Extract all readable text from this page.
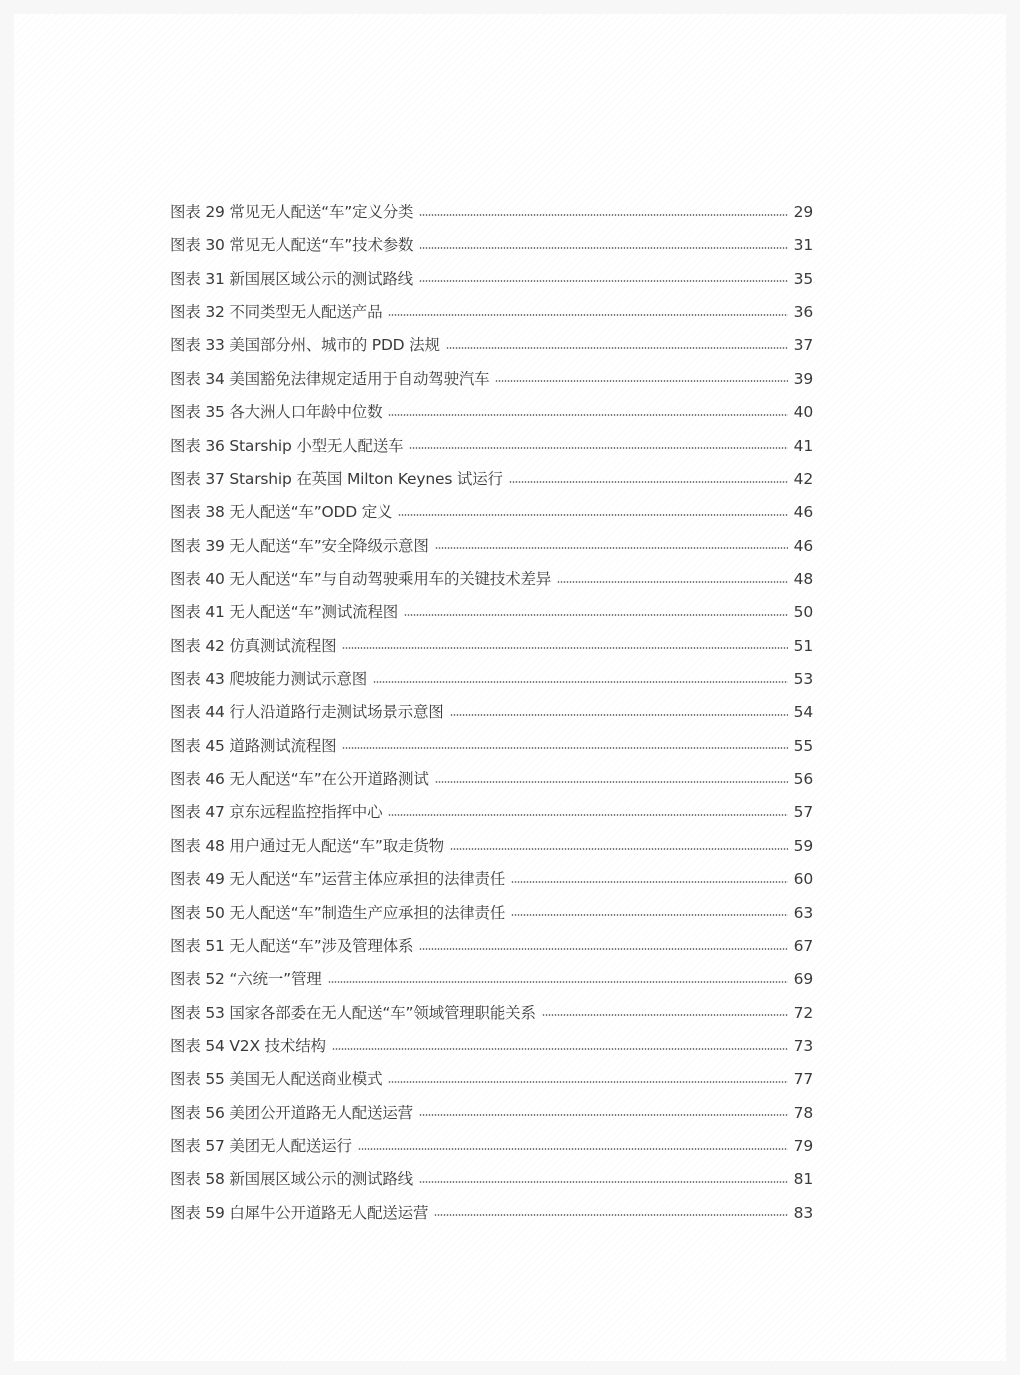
图表 29 常见无人配送“车”定义分类	29
图表 30 常见无人配送“车”技术参数	31
图表 31 新国展区域公示的测试路线	35
图表 32 不同类型无人配送产品	36
图表 33 美国部分州、城市的 PDD 法规	37
图表 34 美国豁免法律规定适用于自动驾驶汽车	39
图表 35 各大洲人口年龄中位数	40
图表 36 Starship 小型无人配送车	41
图表 37 Starship 在英国 Milton Keynes 试运行	42
图表 38 无人配送“车”ODD 定义	46
图表 39 无人配送“车”安全降级示意图	46
图表 40 无人配送“车”与自动驾驶乘用车的关键技术差异	48
图表 41 无人配送“车”测试流程图	50
图表 42 仿真测试流程图	51
图表 43 爬坡能力测试示意图	53
图表 44 行人沿道路行走测试场景示意图	54
图表 45 道路测试流程图	55
图表 46 无人配送“车”在公开道路测试	56
图表 47 京东远程监控指挥中心	57
图表 48 用户通过无人配送“车”取走货物	59
图表 49 无人配送“车”运营主体应承担的法律责任	60
图表 50 无人配送“车”制造生产应承担的法律责任	63
图表 51 无人配送“车”涉及管理体系	67
图表 52 “六统一”管理	69
图表 53 国家各部委在无人配送“车”领域管理职能关系	72
图表 54 V2X 技术结构	73
图表 55 美国无人配送商业模式	77
图表 56 美团公开道路无人配送运营	78
图表 57 美团无人配送运行	79
图表 58 新国展区域公示的测试路线	81
图表 59 白犀牛公开道路无人配送运营	83
